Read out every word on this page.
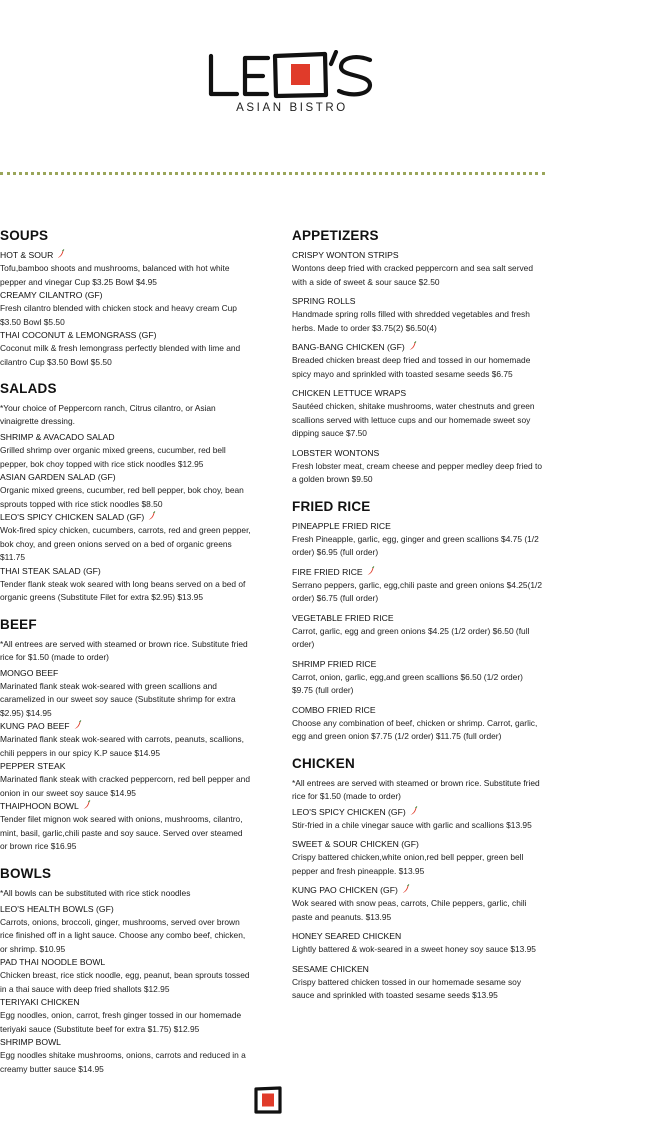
ASIAN BISTRO
SOUPS
HOT & SOUR
Tofu,bamboo shoots and mushrooms, balanced with hot white pepper and vinegar Cup $3.25 Bowl $4.95
CREAMY CILANTRO (GF)
Fresh cilantro blended with chicken stock and heavy cream Cup $3.50 Bowl $5.50
THAI COCONUT & LEMONGRASS (GF)
Coconut milk & fresh lemongrass perfectly blended with lime and cilantro Cup $3.50 Bowl $5.50
SALADS
*Your choice of Peppercorn ranch, Citrus cilantro, or Asian vinaigrette dressing.
SHRIMP & AVACADO SALAD
Grilled shrimp over organic mixed greens, cucumber, red bell pepper, bok choy topped with rice stick noodles $12.95
ASIAN GARDEN SALAD (GF)
Organic mixed greens, cucumber, red bell pepper, bok choy, bean sprouts topped with rice stick noodles $8.50
LEO'S SPICY CHICKEN SALAD (GF)
Wok-fired spicy chicken, cucumbers, carrots, red and green pepper, bok choy, and green onions served on a bed of organic greens $11.75
THAI STEAK SALAD (GF)
Tender flank steak wok seared with long beans served on a bed of organic greens (Substitute Filet for extra $2.95) $13.95
BEEF
*All entrees are served with steamed or brown rice. Substitute fried rice for $1.50 (made to order)
MONGO BEEF
Marinated flank steak wok-seared with green scallions and caramelized in our sweet soy sauce (Substitute shrimp for extra $2.95) $14.95
KUNG PAO BEEF
Marinated flank steak wok-seared with carrots, peanuts, scallions, chili peppers in our spicy K.P sauce $14.95
PEPPER STEAK
Marinated flank steak with cracked peppercorn, red bell pepper and onion in our sweet soy sauce $14.95
THAIPHOON BOWL
Tender filet mignon wok seared with onions, mushrooms, cilantro, mint, basil, garlic,chili paste and soy sauce. Served over steamed or brown rice $16.95
BOWLS
*All bowls can be substituted with rice stick noodles
LEO'S HEALTH BOWLS (GF)
Carrots, onions, broccoli, ginger, mushrooms, served over brown rice finished off in a light sauce. Choose any combo beef, chicken, or shrimp. $10.95
PAD THAI NOODLE BOWL
Chicken breast, rice stick noodle, egg, peanut, bean sprouts tossed in a thai sauce with deep fried shallots $12.95
TERIYAKI CHICKEN
Egg noodles, onion, carrot, fresh ginger tossed in our homemade teriyaki sauce (Substitute beef for extra $1.75) $12.95
SHRIMP BOWL
Egg noodles shitake mushrooms, onions, carrots and reduced in a creamy butter sauce $14.95
APPETIZERS
CRISPY WONTON STRIPS
Wontons deep fried with cracked peppercorn and sea salt served with a side of sweet & sour sauce $2.50
SPRING ROLLS
Handmade spring rolls filled with shredded vegetables and fresh herbs. Made to order $3.75(2) $6.50(4)
BANG-BANG CHICKEN (GF)
Breaded chicken breast deep fried and tossed in our homemade spicy mayo and sprinkled with toasted sesame seeds $6.75
CHICKEN LETTUCE WRAPS
Sautéed chicken, shitake mushrooms, water chestnuts and green scallions served with lettuce cups and our homemade sweet soy dipping sauce $7.50
LOBSTER WONTONS
Fresh lobster meat, cream cheese and pepper medley deep fried to a golden brown $9.50
FRIED RICE
PINEAPPLE FRIED RICE
Fresh Pineapple, garlic, egg, ginger and green scallions $4.75 (1/2 order) $6.95 (full order)
FIRE FRIED RICE
Serrano peppers, garlic, egg,chili paste and green onions $4.25(1/2 order) $6.75 (full order)
VEGETABLE FRIED RICE
Carrot, garlic, egg and green onions $4.25 (1/2 order) $6.50 (full order)
SHRIMP FRIED RICE
Carrot, onion, garlic, egg,and green scallions $6.50 (1/2 order) $9.75 (full order)
COMBO FRIED RICE
Choose any combination of beef, chicken or shrimp. Carrot, garlic, egg and green onion $7.75 (1/2 order) $11.75 (full order)
CHICKEN
*All entrees are served with steamed or brown rice. Substitute fried rice for $1.50 (made to order)
LEO'S SPICY CHICKEN (GF)
Stir-fried in a chile vinegar sauce with garlic and scallions $13.95
SWEET & SOUR CHICKEN (GF)
Crispy battered chicken,white onion,red bell pepper, green bell pepper and fresh pineapple. $13.95
KUNG PAO CHICKEN (GF)
Wok seared with snow peas, carrots, Chile peppers, garlic, chili paste and peanuts. $13.95
HONEY SEARED CHICKEN
Lightly battered & wok-seared in a sweet honey soy sauce $13.95
SESAME CHICKEN
Crispy battered chicken tossed in our homemade sesame soy sauce and sprinkled with toasted sesame seeds $13.95
